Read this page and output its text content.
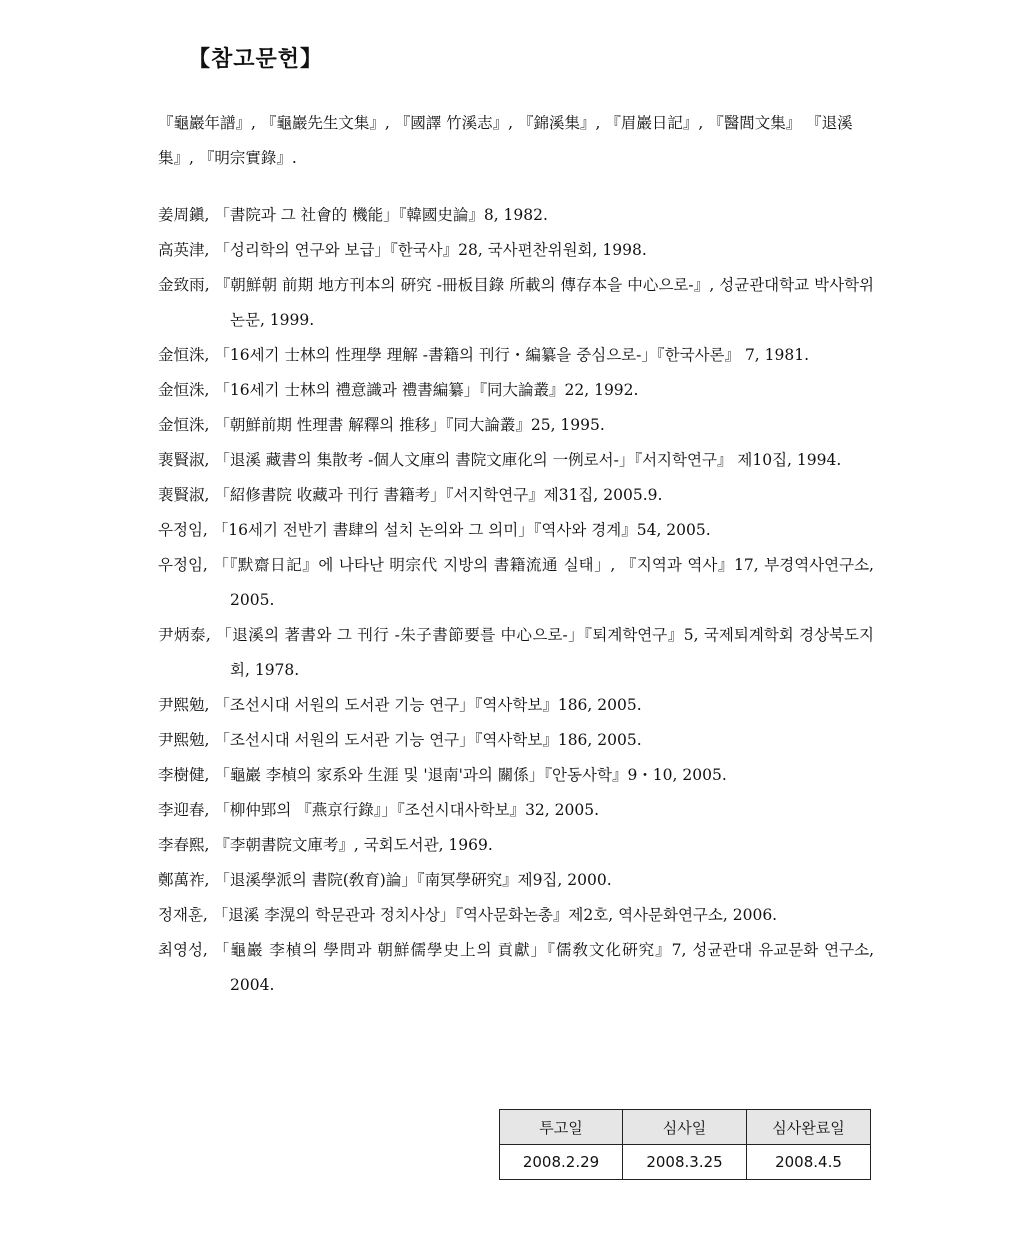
【참고문헌】
『龜巖年譜』, 『龜巖先生文集』, 『國譯 竹溪志』, 『錦溪集』, 『眉巖日記』, 『醫閭文集』 『退溪集』, 『明宗實錄』.
姜周鎭, 「書院과 그 社會的 機能」『韓國史論』8, 1982.
高英津, 「성리학의 연구와 보급」『한국사』28, 국사편찬위원회, 1998.
金致雨, 『朝鮮朝 前期 地方刊本의 硏究 -冊板目錄 所載의 傳存本을 中心으로-』, 성균관대학교 박사학위논문, 1999.
金恒洙, 「16세기 士林의 性理學 理解 -書籍의 刊行・編纂을 중심으로-」『한국사론』 7, 1981.
金恒洙, 「16세기 士林의 禮意識과 禮書編纂」『同大論叢』22, 1992.
金恒洙, 「朝鮮前期 性理書 解釋의 推移」『同大論叢』25, 1995.
裵賢淑, 「退溪 藏書의 集散考 -個人文庫의 書院文庫化의 一例로서-」『서지학연구』 제10집, 1994.
裵賢淑, 「紹修書院 收藏과 刊行 書籍考」『서지학연구』제31집, 2005.9.
우정임, 「16세기 전반기 書肆의 설치 논의와 그 의미」『역사와 경계』54, 2005.
우정임, 「『默齋日記』에 나타난 明宗代 지방의 書籍流通 실태」, 『지역과 역사』17, 부경역사연구소, 2005.
尹炳泰, 「退溪의 著書와 그 刊行 -朱子書節要를 中心으로-」『퇴계학연구』5, 국제퇴계학회 경상북도지회, 1978.
尹熙勉, 「조선시대 서원의 도서관 기능 연구」『역사학보』186, 2005.
尹熙勉, 「조선시대 서원의 도서관 기능 연구」『역사학보』186, 2005.
李樹健, 「龜巖 李楨의 家系와 生涯 및 '退南'과의 關係」『안동사학』9・10, 2005.
李迎春, 「柳仲郢의 『燕京行錄』」『조선시대사학보』32, 2005.
李春熙, 『李朝書院文庫考』, 국회도서관, 1969.
鄭萬祚, 「退溪學派의 書院(敎育)論」『南冥學硏究』제9집, 2000.
정재훈, 「退溪 李滉의 학문관과 정치사상」『역사문화논총』제2호, 역사문화연구소, 2006.
최영성, 「龜巖 李楨의 學問과 朝鮮儒學史上의 貢獻」『儒敎文化硏究』7, 성균관대 유교문화 연구소, 2004.
투고일	심사일	심사완료일
2008.2.29	2008.3.25	2008.4.5
